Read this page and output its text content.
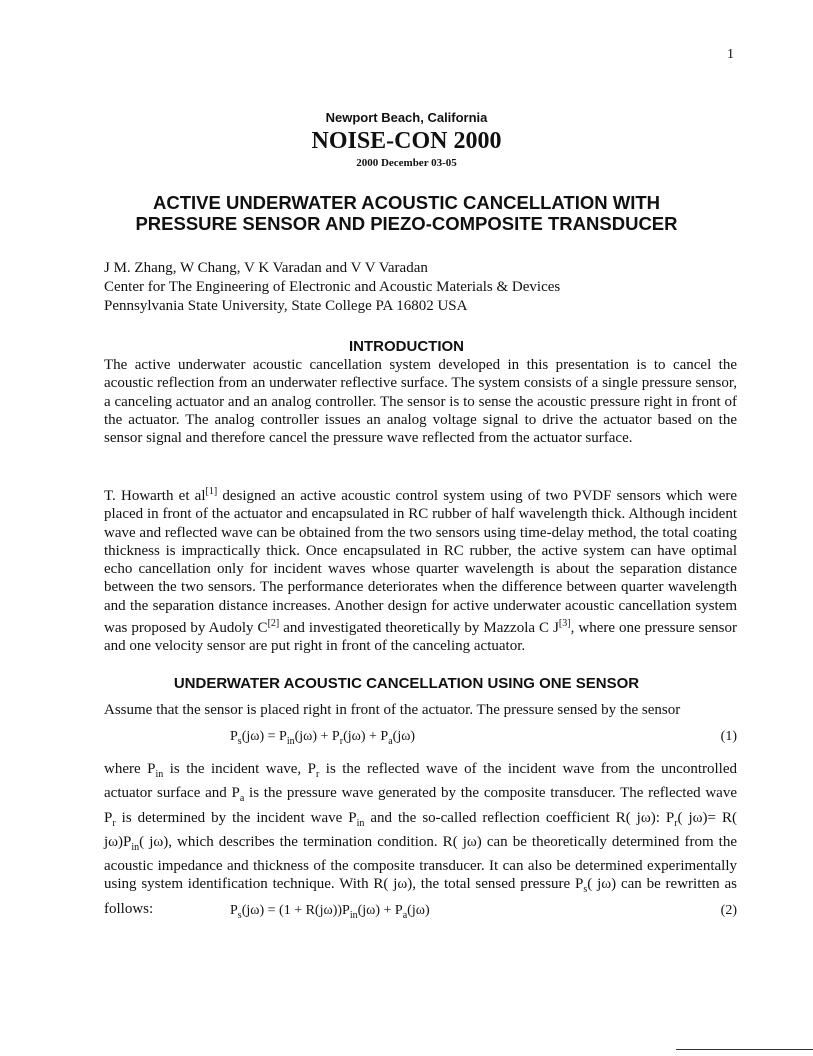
1
Newport Beach, California
NOISE-CON 2000
2000 December 03-05
ACTIVE UNDERWATER ACOUSTIC CANCELLATION WITH
PRESSURE SENSOR AND PIEZO-COMPOSITE TRANSDUCER
J M. Zhang, W Chang, V K Varadan and V V Varadan
Center for The Engineering of Electronic and Acoustic Materials & Devices
Pennsylvania State University, State College PA 16802 USA
INTRODUCTION

The active underwater acoustic cancellation system developed in this presentation is to cancel the acoustic reflection from an underwater reflective surface. The system consists of a single pressure sensor, a canceling actuator and an analog controller. The sensor is to sense the acoustic pressure right in front of the actuator. The analog controller issues an analog voltage signal to drive the actuator based on the sensor signal and therefore cancel the pressure wave reflected from the actuator surface.

T. Howarth et al[1] designed an active acoustic control system using of two PVDF sensors which were placed in front of the actuator and encapsulated in RC rubber of half wavelength thick. Although incident wave and reflected wave can be obtained from the two sensors using time-delay method, the total coating thickness is impractically thick. Once encapsulated in RC rubber, the active system can have optimal echo cancellation only for incident waves whose quarter wavelength is about the separation distance between the two sensors. The performance deteriorates when the difference between quarter wavelength and the separation distance increases. Another design for active underwater acoustic cancellation system was proposed by Audoly C[2] and investigated theoretically by Mazzola C J[3], where one pressure sensor and one velocity sensor are put right in front of the canceling actuator.

UNDERWATER ACOUSTIC CANCELLATION USING ONE SENSOR

Assume that the sensor is placed right in front of the actuator. The pressure sensed by the sensor

$P_s(j\omega) = P_{in}(j\omega) + P_r(j\omega) + P_a(j\omega)$	(1)

where $P_{in}$ is the incident wave, $P_r$ is the reflected wave of the incident wave from the uncontrolled actuator surface and $P_a$ is the pressure wave generated by the composite transducer. The reflected wave $P_r$ is determined by the incident wave $P_{in}$ and the so-called reflection coefficient R( jω): $P_r$( jω)= R( $j\omega)P_{in}$( jω), which describes the termination condition. R( jω) can be theoretically determined from the acoustic impedance and thickness of the composite transducer. It can also be determined experimentally using system identification technique. With R( jω), the total sensed pressure $P_s$( jω) can be rewritten as follows:	$P_s(j\omega) = (1 + R(j\omega))P_{in}(j\omega) + P_a(j\omega)$	(2)
